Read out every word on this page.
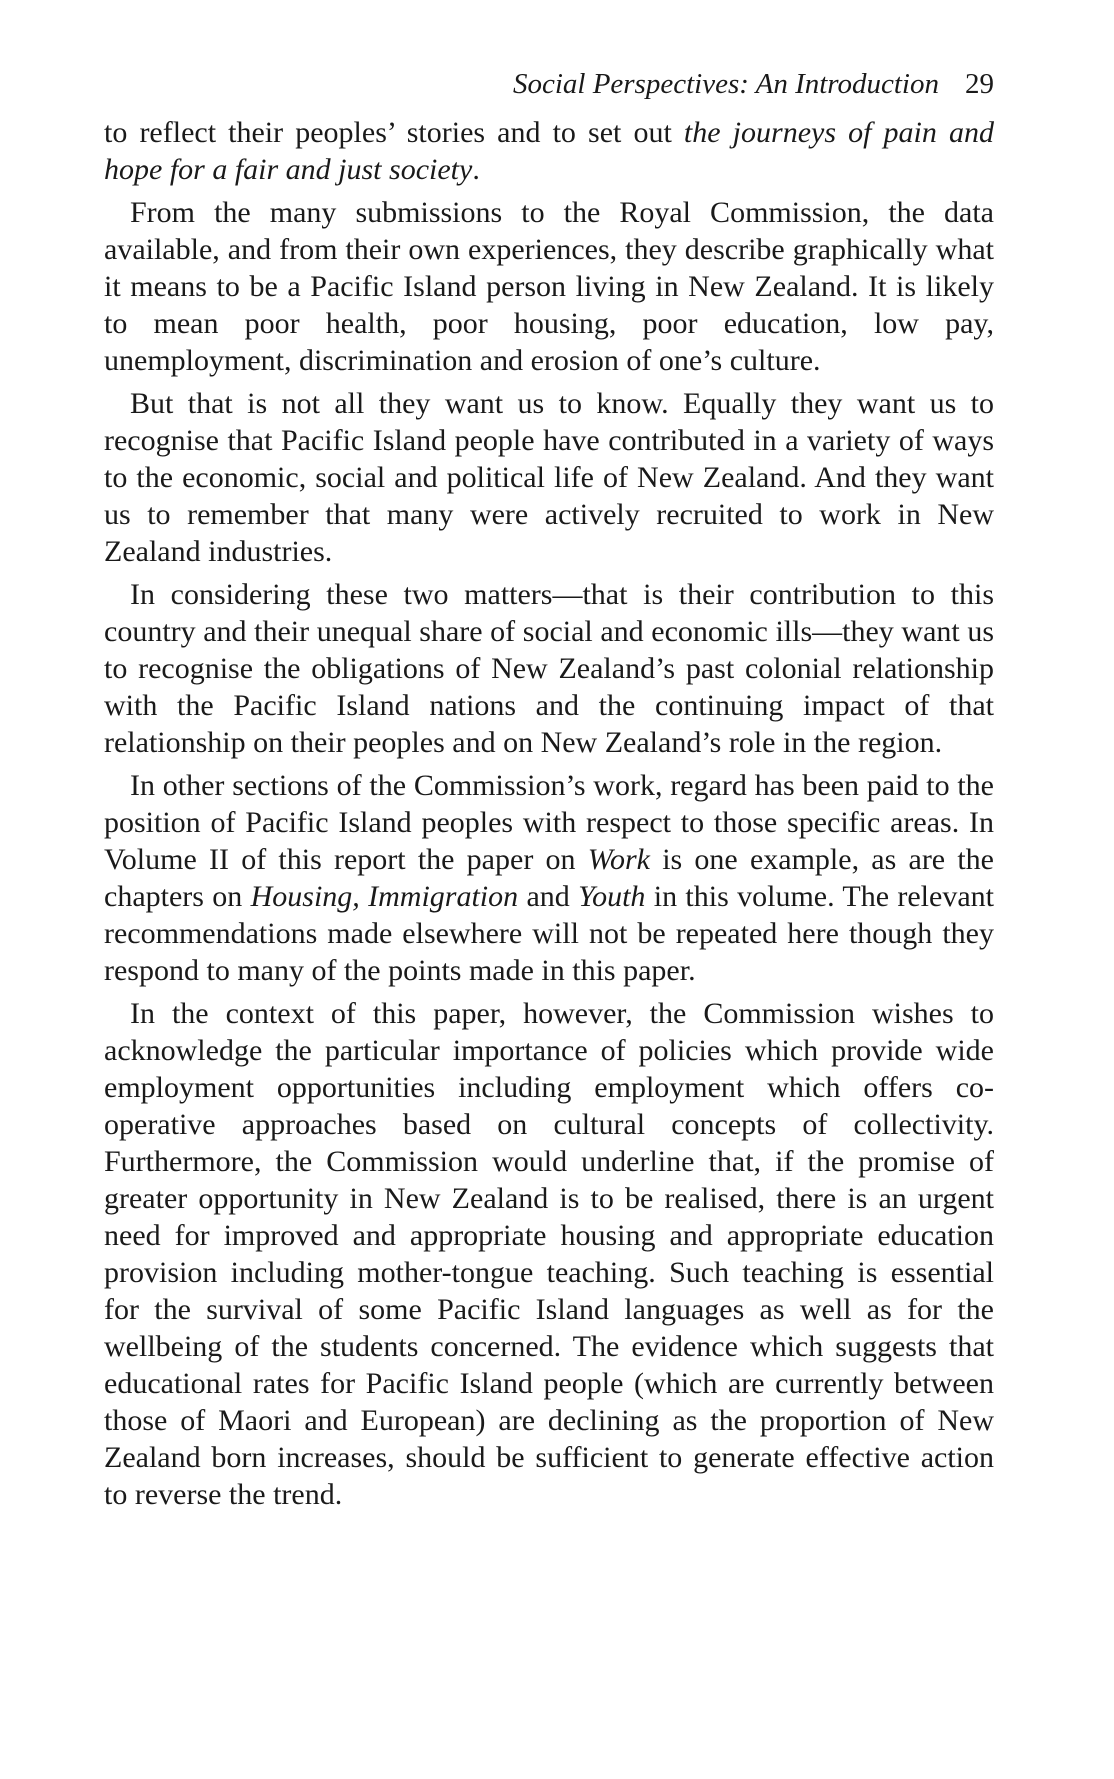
Social Perspectives: An Introduction 29

to reflect their peoples’ stories and to set out the journeys of pain and hope for a fair and just society.

From the many submissions to the Royal Commission, the data available, and from their own experiences, they describe graphically what it means to be a Pacific Island person living in New Zealand. It is likely to mean poor health, poor housing, poor education, low pay, unemployment, discrimination and erosion of one’s culture.

But that is not all they want us to know. Equally they want us to recognise that Pacific Island people have contributed in a variety of ways to the economic, social and political life of New Zealand. And they want us to remember that many were actively recruited to work in New Zealand industries.

In considering these two matters—that is their contribution to this country and their unequal share of social and economic ills—they want us to recognise the obligations of New Zealand’s past colonial relationship with the Pacific Island nations and the continuing impact of that relationship on their peoples and on New Zealand’s role in the region.

In other sections of the Commission’s work, regard has been paid to the position of Pacific Island peoples with respect to those specific areas. In Volume II of this report the paper on Work is one example, as are the chapters on Housing, Immigration and Youth in this volume. The relevant recommendations made elsewhere will not be repeated here though they respond to many of the points made in this paper.

In the context of this paper, however, the Commission wishes to acknowledge the particular importance of policies which provide wide employment opportunities including employment which offers co-operative approaches based on cultural concepts of collectivity. Furthermore, the Commission would underline that, if the promise of greater opportunity in New Zealand is to be realised, there is an urgent need for improved and appropriate housing and appropriate education provision including mother-tongue teaching. Such teaching is essential for the survival of some Pacific Island languages as well as for the wellbeing of the students concerned. The evidence which suggests that educational rates for Pacific Island people (which are currently between those of Maori and European) are declining as the proportion of New Zealand born increases, should be sufficient to generate effective action to reverse the trend.
